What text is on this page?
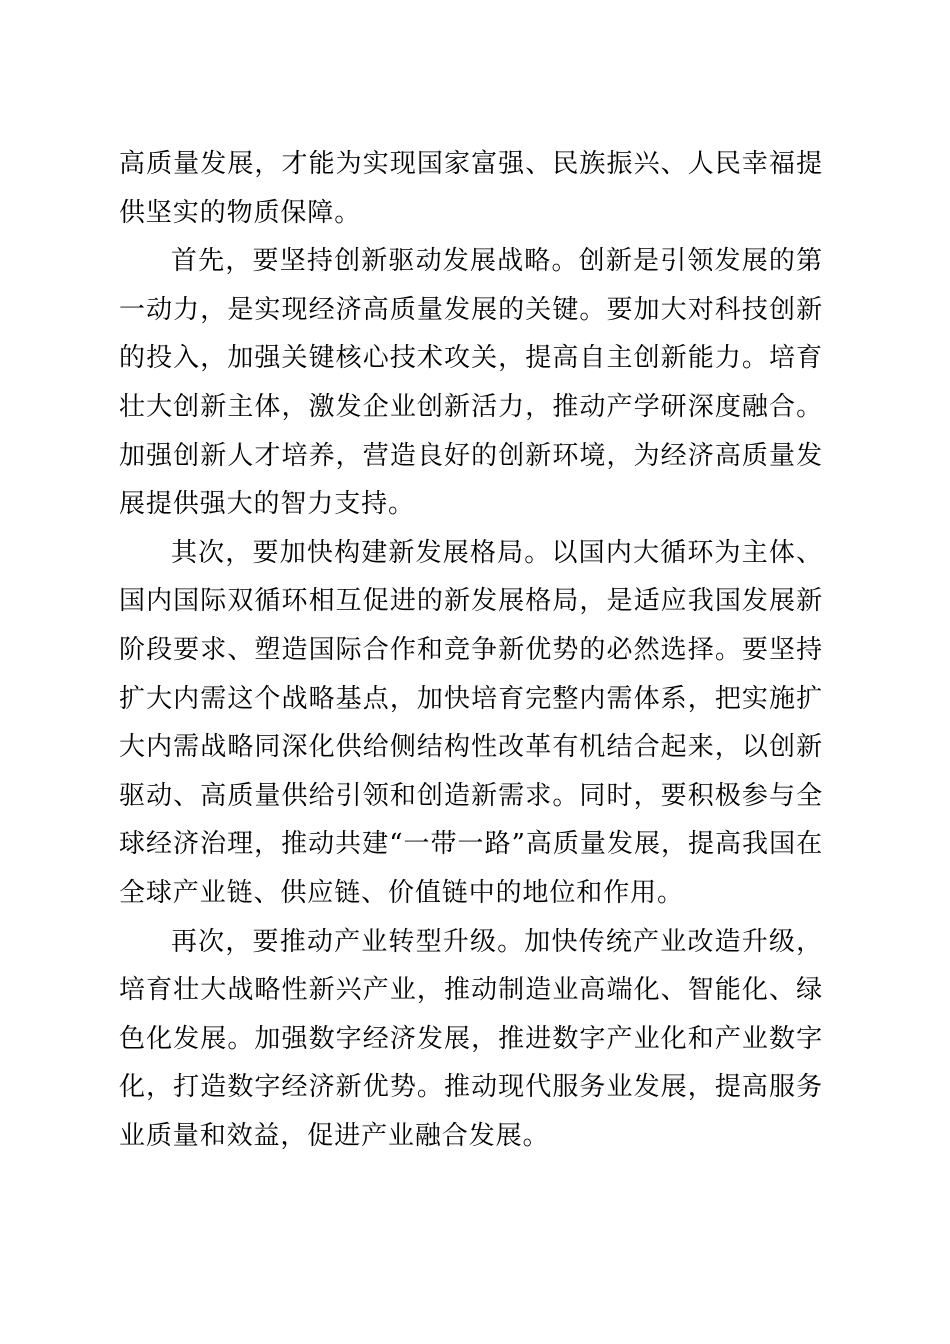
高质量发展，才能为实现国家富强、民族振兴、人民幸福提供坚实的物质保障。

首先，要坚持创新驱动发展战略。创新是引领发展的第一动力，是实现经济高质量发展的关键。要加大对科技创新的投入，加强关键核心技术攻关，提高自主创新能力。培育壮大创新主体，激发企业创新活力，推动产学研深度融合。加强创新人才培养，营造良好的创新环境，为经济高质量发展提供强大的智力支持。

其次，要加快构建新发展格局。以国内大循环为主体、国内国际双循环相互促进的新发展格局，是适应我国发展新阶段要求、塑造国际合作和竞争新优势的必然选择。要坚持扩大内需这个战略基点，加快培育完整内需体系，把实施扩大内需战略同深化供给侧结构性改革有机结合起来，以创新驱动、高质量供给引领和创造新需求。同时，要积极参与全球经济治理，推动共建“一带一路”高质量发展，提高我国在全球产业链、供应链、价值链中的地位和作用。

再次，要推动产业转型升级。加快传统产业改造升级，培育壮大战略性新兴产业，推动制造业高端化、智能化、绿色化发展。加强数字经济发展，推进数字产业化和产业数字化，打造数字经济新优势。推动现代服务业发展，提高服务业质量和效益，促进产业融合发展。
